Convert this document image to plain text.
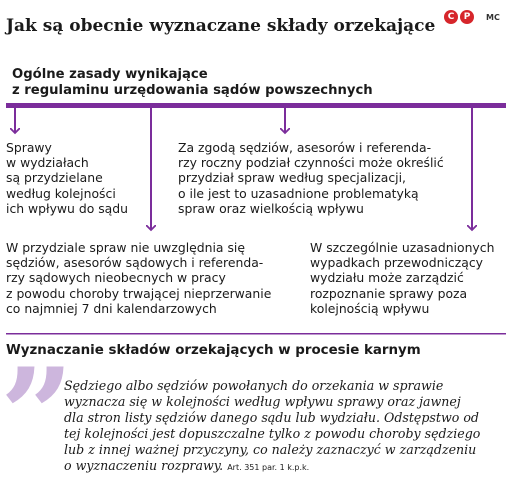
Jak są obecnie wyznaczane składy orzekające	C	P	MC
Ogólne zasady wynikające
z regulaminu urzędowania sądów powszechnych
Sprawy
w wydziałach
są przydzielane
według kolejności
ich wpływu do sądu
Za zgodą sędziów, asesorów i referenda-
rzy roczny podział czynności może określić
przydział spraw według specjalizacji,
o ile jest to uzasadnione problematyką
spraw oraz wielkością wpływu
W przydziale spraw nie uwzględnia się
sędziów, asesorów sądowych i referenda-
rzy sądowych nieobecnych w pracy
z powodu choroby trwającej nieprzerwanie
co najmniej 7 dni kalendarzowych
W szczególnie uzasadnionych
wypadkach przewodniczący
wydziału może zarządzić
rozpoznanie sprawy poza
kolejnością wpływu
Wyznaczanie składów orzekających w procesie karnym
”
Sędziego albo sędziów powołanych do orzekania w sprawie
wyznacza się w kolejności według wpływu sprawy oraz jawnej
dla stron listy sędziów danego sądu lub wydziału. Odstępstwo od
tej kolejności jest dopuszczalne tylko z powodu choroby sędziego
lub z innej ważnej przyczyny, co należy zaznaczyć w zarządzeniu
o wyznaczeniu rozprawy. Art. 351 par. 1 k.p.k.
